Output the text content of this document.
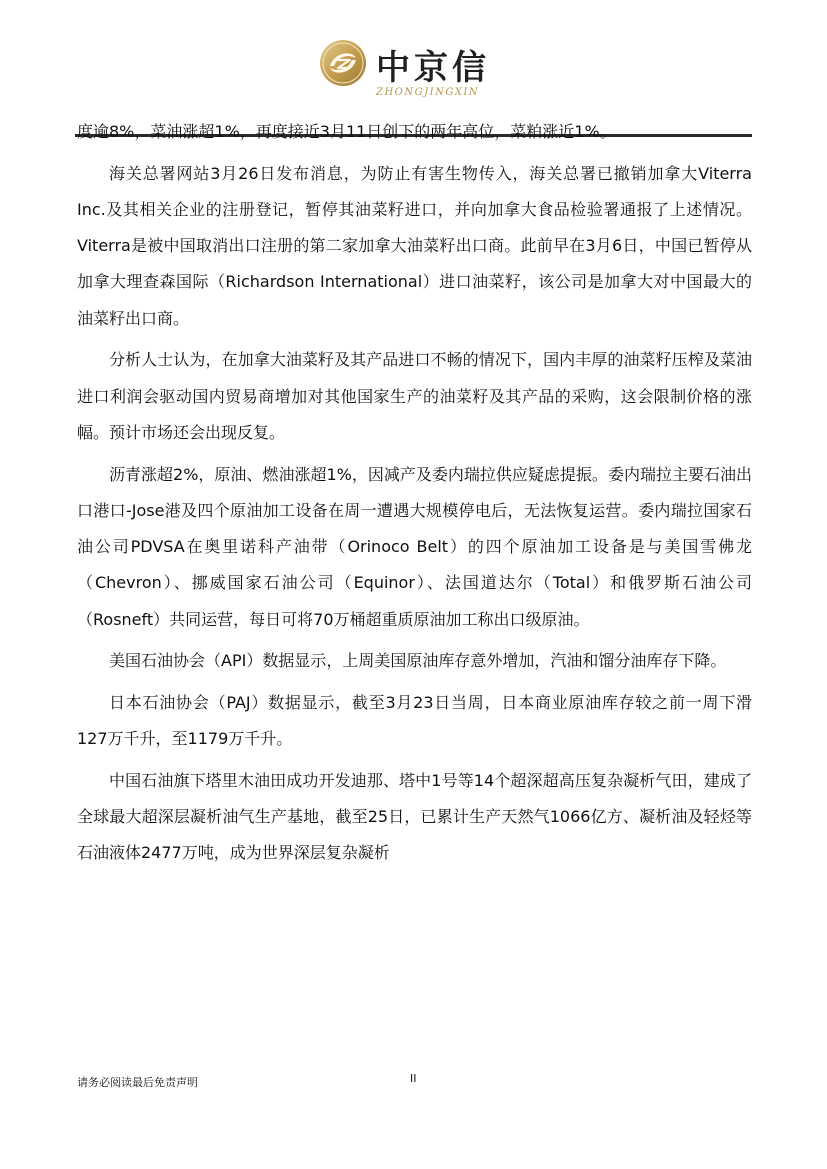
中京信
ZHONGJINGXIN

度逾8%，菜油涨超1%，再度接近3月11日创下的两年高位，菜粕涨近1%。

海关总署网站3月26日发布消息，为防止有害生物传入，海关总署已撤销加拿大Viterra Inc.及其相关企业的注册登记，暂停其油菜籽进口，并向加拿大食品检验署通报了上述情况。Viterra是被中国取消出口注册的第二家加拿大油菜籽出口商。此前早在3月6日，中国已暂停从加拿大理查森国际（Richardson International）进口油菜籽，该公司是加拿大对中国最大的油菜籽出口商。

分析人士认为，在加拿大油菜籽及其产品进口不畅的情况下，国内丰厚的油菜籽压榨及菜油进口利润会驱动国内贸易商增加对其他国家生产的油菜籽及其产品的采购，这会限制价格的涨幅。预计市场还会出现反复。

沥青涨超2%，原油、燃油涨超1%，因减产及委内瑞拉供应疑虑提振。委内瑞拉主要石油出口港口-Jose港及四个原油加工设备在周一遭遇大规模停电后，无法恢复运营。委内瑞拉国家石油公司PDVSA在奥里诺科产油带（Orinoco Belt）的四个原油加工设备是与美国雪佛龙（Chevron）、挪威国家石油公司（Equinor）、法国道达尔（Total）和俄罗斯石油公司（Rosneft）共同运营，每日可将70万桶超重质原油加工称出口级原油。

美国石油协会（API）数据显示，上周美国原油库存意外增加，汽油和馏分油库存下降。

日本石油协会（PAJ）数据显示，截至3月23日当周，日本商业原油库存较之前一周下滑127万千升，至1179万千升。

中国石油旗下塔里木油田成功开发迪那、塔中1号等14个超深超高压复杂凝析气田，建成了全球最大超深层凝析油气生产基地，截至25日，已累计生产天然气1066亿方、凝析油及轻烃等石油液体2477万吨，成为世界深层复杂凝析

请务必阅读最后免责声明	II
